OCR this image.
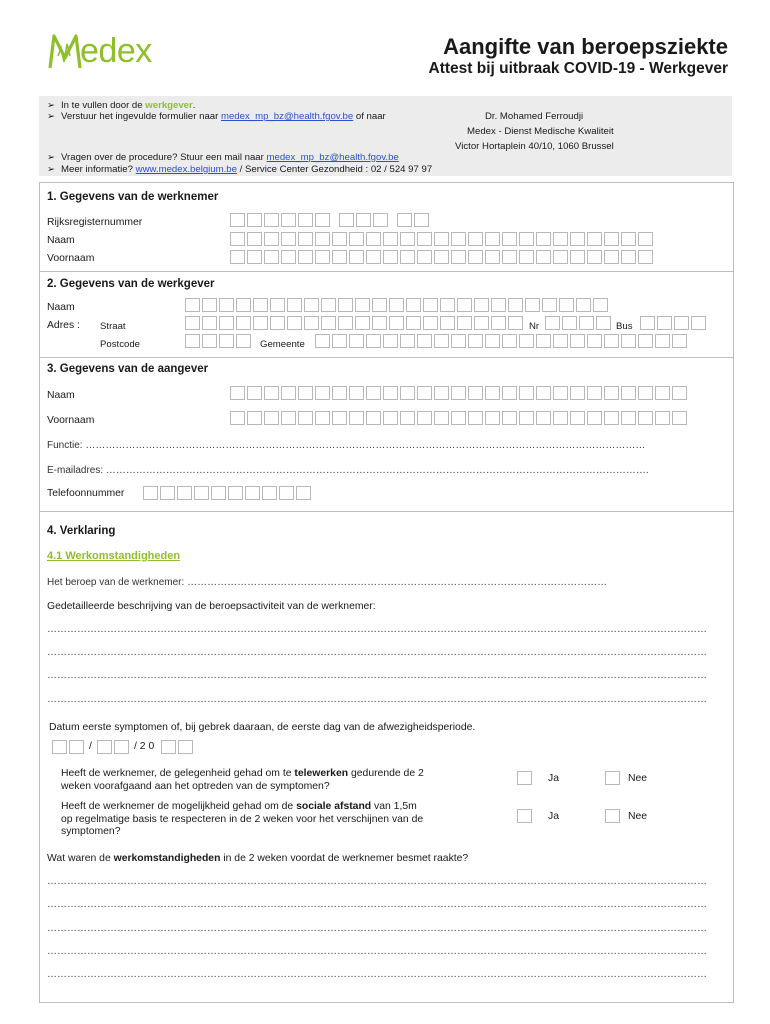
edex	Aangifte van beroepsziekte
Attest bij uitbraak COVID-19 - Werkgever
➢ In te vullen door de werkgever.
➢ Verstuur het ingevulde formulier naar medex_mp_bz@health.fgov.be of naar	Dr. Mohamed Ferroudji
Medex - Dienst Medische Kwaliteit
Victor Hortaplein 40/10, 1060 Brussel
➢ Vragen over de procedure? Stuur een mail naar medex_mp_bz@health.fgov.be
➢ Meer informatie? www.medex.belgium.be / Service Center Gezondheid : 02 / 524 97 97
1. Gegevens van de werknemer
Rijksregisternummer
Naam
Voornaam
2. Gegevens van de werkgever
Naam
Adres : Straat	Nr	Bus
Postcode	Gemeente
3. Gegevens van de aangever
Naam
Voornaam
Functie: ……………………………………………………………………………………………………………………………………………………
E-mailadres: ……………………………………………………………………………………………………………………………………………….
Telefoonnummer
4. Verklaring
4.1 Werkomstandigheden
Het beroep van de werknemer: ………………………………………………………………………………………………………………
Gedetailleerde beschrijving van de beroepsactiviteit van de werknemer:
………………………………………………………………………………………………………………………………………………………………………………
………………………………………………………………………………………………………………………………………………………………………………
………………………………………………………………………………………………………………………………………………………………………………
………………………………………………………………………………………………………………………………………………………………………………
Datum eerste symptomen of, bij gebrek daaraan, de eerste dag van de afwezigheidsperiode.
/	/ 2 0
Heeft de werknemer, de gelegenheid gehad om te telewerken gedurende de 2
weken voorafgaand aan het optreden van de symptomen?
Ja	Nee
Heeft de werknemer de mogelijkheid gehad om de sociale afstand van 1,5m
op regelmatige basis te respecteren in de 2 weken voor het verschijnen van de
symptomen?
Ja	Nee
Wat waren de werkomstandigheden in de 2 weken voordat de werknemer besmet raakte?
………………………………………………………………………………………………………………………………………………………………………………
………………………………………………………………………………………………………………………………………………………………………………
………………………………………………………………………………………………………………………………………………………………………………
………………………………………………………………………………………………………………………………………………………………………………
………………………………………………………………………………………………………………………………………………………………………………
